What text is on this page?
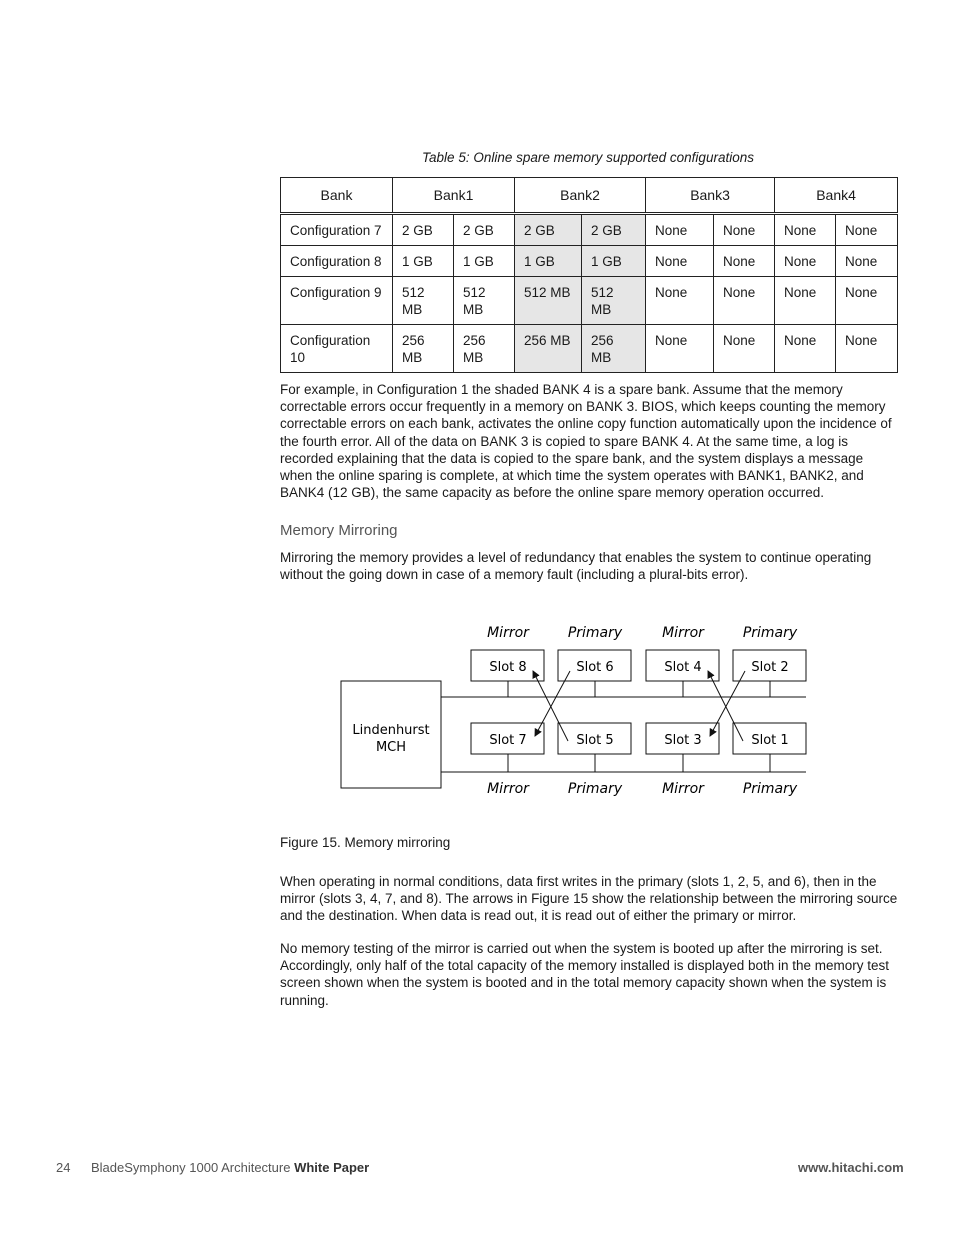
Table 5: Online spare memory supported configurations
Bank	Bank1		Bank2		Bank3		Bank4	
Configuration 7	2 GB	2 GB	2 GB	2 GB	None	None	None	None
Configuration 8	1 GB	1 GB	1 GB	1 GB	None	None	None	None
Configuration 9	512 MB	512 MB	512 MB	512 MB	None	None	None	None
Configuration 10	256 MB	256 MB	256 MB	256 MB	None	None	None	None

For example, in Configuration 1 the shaded BANK 4 is a spare bank. Assume that the memory correctable errors occur frequently in a memory on BANK 3. BIOS, which keeps counting the memory correctable errors on each bank, activates the online copy function automatically upon the incidence of the fourth error. All of the data on BANK 3 is copied to spare BANK 4. At the same time, a log is recorded explaining that the data is copied to the spare bank, and the system displays a message when the online sparing is complete, at which time the system operates with BANK1, BANK2, and BANK4 (12 GB), the same capacity as before the online spare memory operation occurred.

Memory Mirroring

Mirroring the memory provides a level of redundancy that enables the system to continue operating without the going down in case of a memory fault (including a plural-bits error).

Mirror	Primary	Mirror	Primary
Lindenhurst
MCH
Slot 8	Slot 6	Slot 4	Slot 2
Slot 7	Slot 5	Slot 3	Slot 1
Mirror	Primary	Mirror	Primary
Figure 15. Memory mirroring

When operating in normal conditions, data first writes in the primary (slots 1, 2, 5, and 6), then in the mirror (slots 3, 4, 7, and 8). The arrows in Figure 15 show the relationship between the mirroring source and the destination. When data is read out, it is read out of either the primary or mirror.

No memory testing of the mirror is carried out when the system is booted up after the mirroring is set. Accordingly, only half of the total capacity of the memory installed is displayed both in the memory test screen shown when the system is booted and in the total memory capacity shown when the system is running.

24 BladeSymphony 1000 Architecture White Paper	www.hitachi.com
